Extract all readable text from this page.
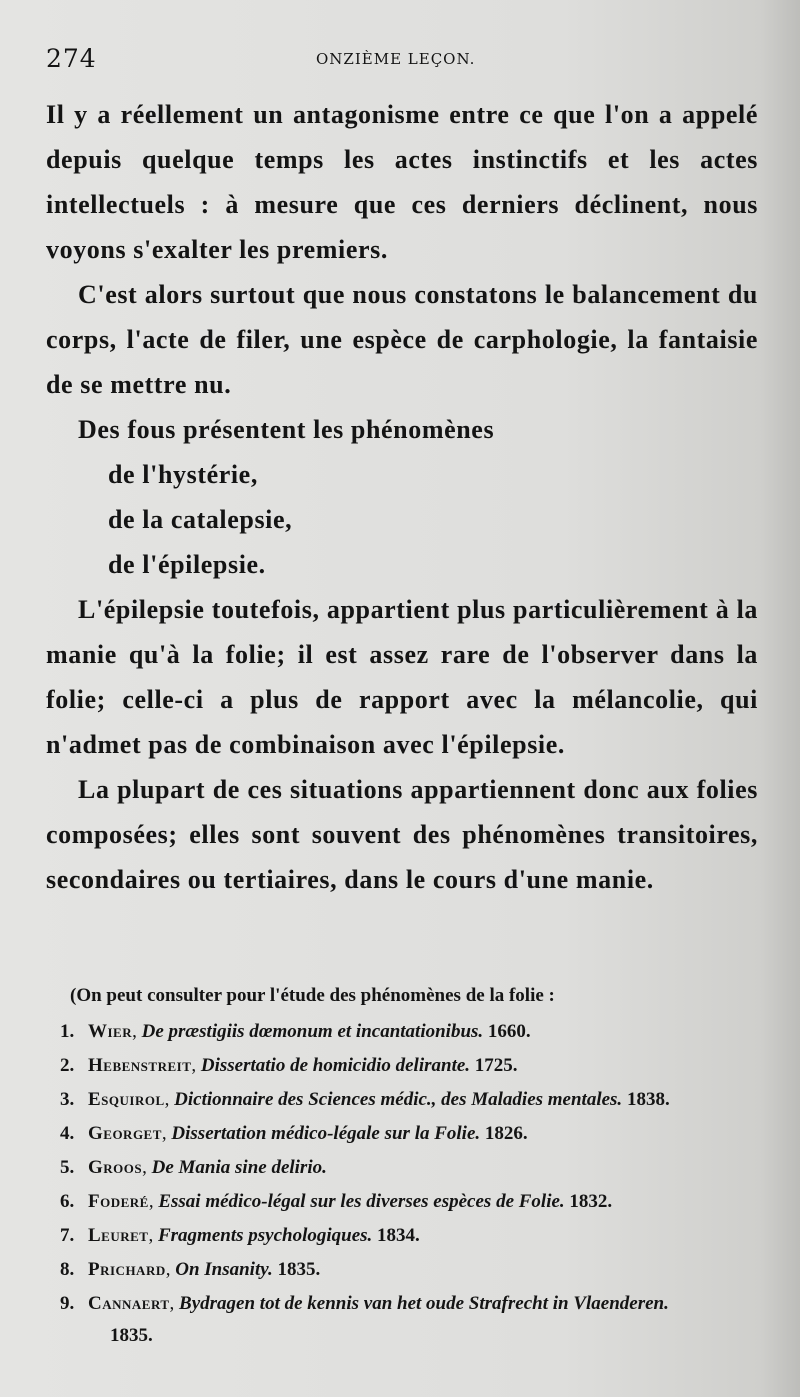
274	ONZIÈME LEÇON.

Il y a réellement un antagonisme entre ce que l'on a appelé depuis quelque temps les actes instinctifs et les actes intellectuels : à mesure que ces derniers déclinent, nous voyons s'exalter les premiers.

C'est alors surtout que nous constatons le balancement du corps, l'acte de filer, une espèce de carphologie, la fantaisie de se mettre nu.

Des fous présentent les phénomènes

de l'hystérie,

de la catalepsie,

de l'épilepsie.

L'épilepsie toutefois, appartient plus particulièrement à la manie qu'à la folie; il est assez rare de l'observer dans la folie; celle-ci a plus de rapport avec la mélancolie, qui n'admet pas de combinaison avec l'épilepsie.

La plupart de ces situations appartiennent donc aux folies composées; elles sont souvent des phénomènes transitoires, secondaires ou tertiaires, dans le cours d'une manie.

(On peut consulter pour l'étude des phénomènes de la folie :

1. Wier , De præstigiis dœmonum et incantationibus.
1660.
2. Hebenstreit , Dissertatio de homicidio delirante.
1725.
3. Esquirol , Dictionnaire des Sciences médic., des Maladies mentales.
1838.
4. Georget , Dissertation médico-légale sur la Folie.
1826.
5. Groos , De Mania sine delirio.

6. Foderé , Essai médico-légal sur les diverses espèces de Folie.
1832.
7. Leuret , Fragments psychologiques.
1834.
8. Prichard , On Insanity.
1835.
9. Cannaert , Bydragen tot de kennis van het oude Strafrecht in Vlaenderen.

1835.
